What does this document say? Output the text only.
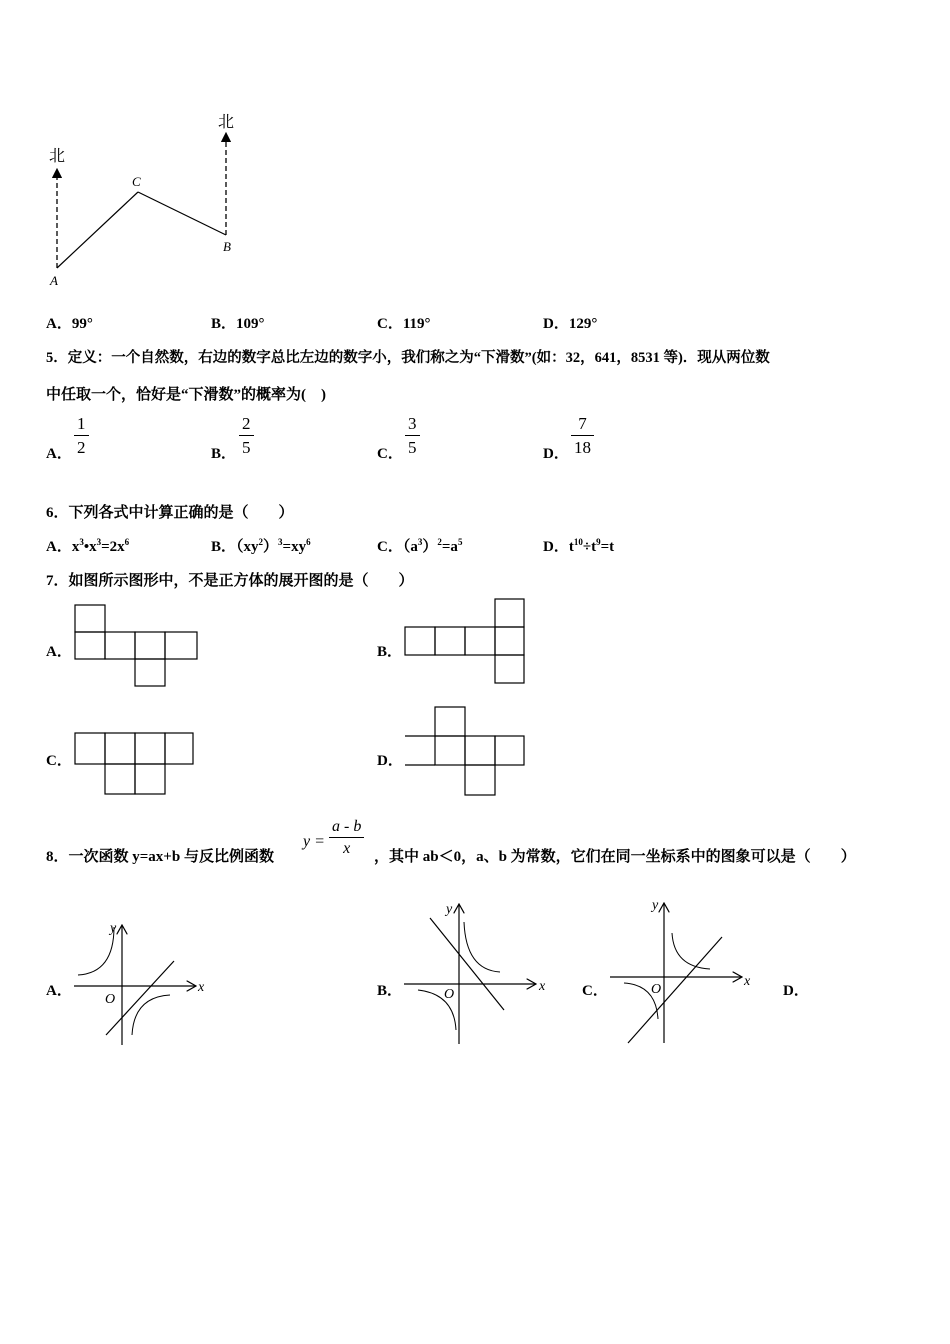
北
北
A
C
B
A．99°	B．109°	C．119°	D．129°
5．定义：一个自然数，右边的数字总比左边的数字小，我们称之为“下滑数”(如：32，641，8531 等)．现从两位数
中任取一个，恰好是“下滑数”的概率为(　)
A．
1
2	B．
2
5	C．
3
5	D．
7
18
6．下列各式中计算正确的是（　　）
A．$x^3•x^3=2x^6$	B．$(xy^2)^3=xy^6$	C．$(a^3)^2=a^5$	D．$t^{10}\div t^9=t$
7．如图所示图形中，不是正方体的展开图的是（　　）
A．	B．
C．	D．
8．一次函数 y=ax+b 与反比例函数
y =
a - b
x	，其中 ab＜0，a、b 为常数，它们在同一坐标系中的图象可以是（　　）
A．	x
y
O
B．	x
y
O	C．
x
y
O	D．
